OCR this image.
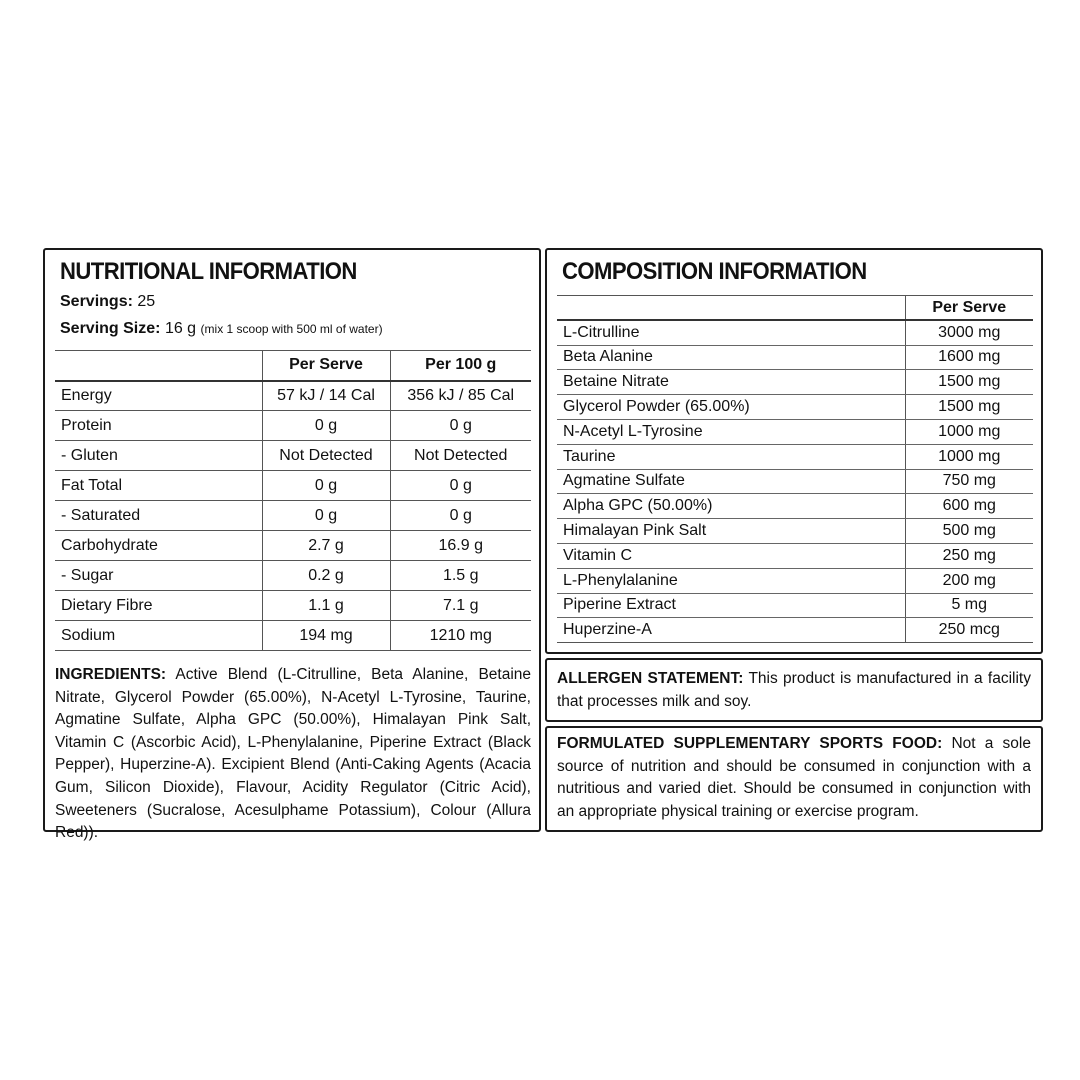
NUTRITIONAL INFORMATION
Servings: 25
Serving Size: 16 g (mix 1 scoop with 500 ml of water)
	Per Serve	Per 100 g
Energy	57 kJ / 14 Cal	356 kJ / 85 Cal
Protein	0 g	0 g
- Gluten	Not Detected	Not Detected
Fat Total	0 g	0 g
- Saturated	0 g	0 g
Carbohydrate	2.7 g	16.9 g
- Sugar	0.2 g	1.5 g
Dietary Fibre	1.1 g	7.1 g
Sodium	194 mg	1210 mg

INGREDIENTS: Active Blend (L-Citrulline, Beta Alanine, Betaine Nitrate, Glycerol Powder (65.00%), N-Acetyl L-Tyrosine, Taurine, Agmatine Sulfate, Alpha GPC (50.00%), Himalayan Pink Salt, Vitamin C (Ascorbic Acid), L-Phenylalanine, Piperine Extract (Black Pepper), Huperzine-A). Excipient Blend (Anti-Caking Agents (Acacia Gum, Silicon Dioxide), Flavour, Acidity Regulator (Citric Acid), Sweeteners (Sucralose, Acesulphame Potassium), Colour (Allura Red)).

COMPOSITION INFORMATION
	Per Serve
L-Citrulline	3000 mg
Beta Alanine	1600 mg
Betaine Nitrate	1500 mg
Glycerol Powder (65.00%)	1500 mg
N-Acetyl L-Tyrosine	1000 mg
Taurine	1000 mg
Agmatine Sulfate	750 mg
Alpha GPC (50.00%)	600 mg
Himalayan Pink Salt	500 mg
Vitamin C	250 mg
L-Phenylalanine	200 mg
Piperine Extract	5 mg
Huperzine-A	250 mcg

ALLERGEN STATEMENT: This product is manufactured in a facility that processes milk and soy.

FORMULATED SUPPLEMENTARY SPORTS FOOD: Not a sole source of nutrition and should be consumed in conjunction with a nutritious and varied diet. Should be consumed in conjunction with an appropriate physical training or exercise program.
